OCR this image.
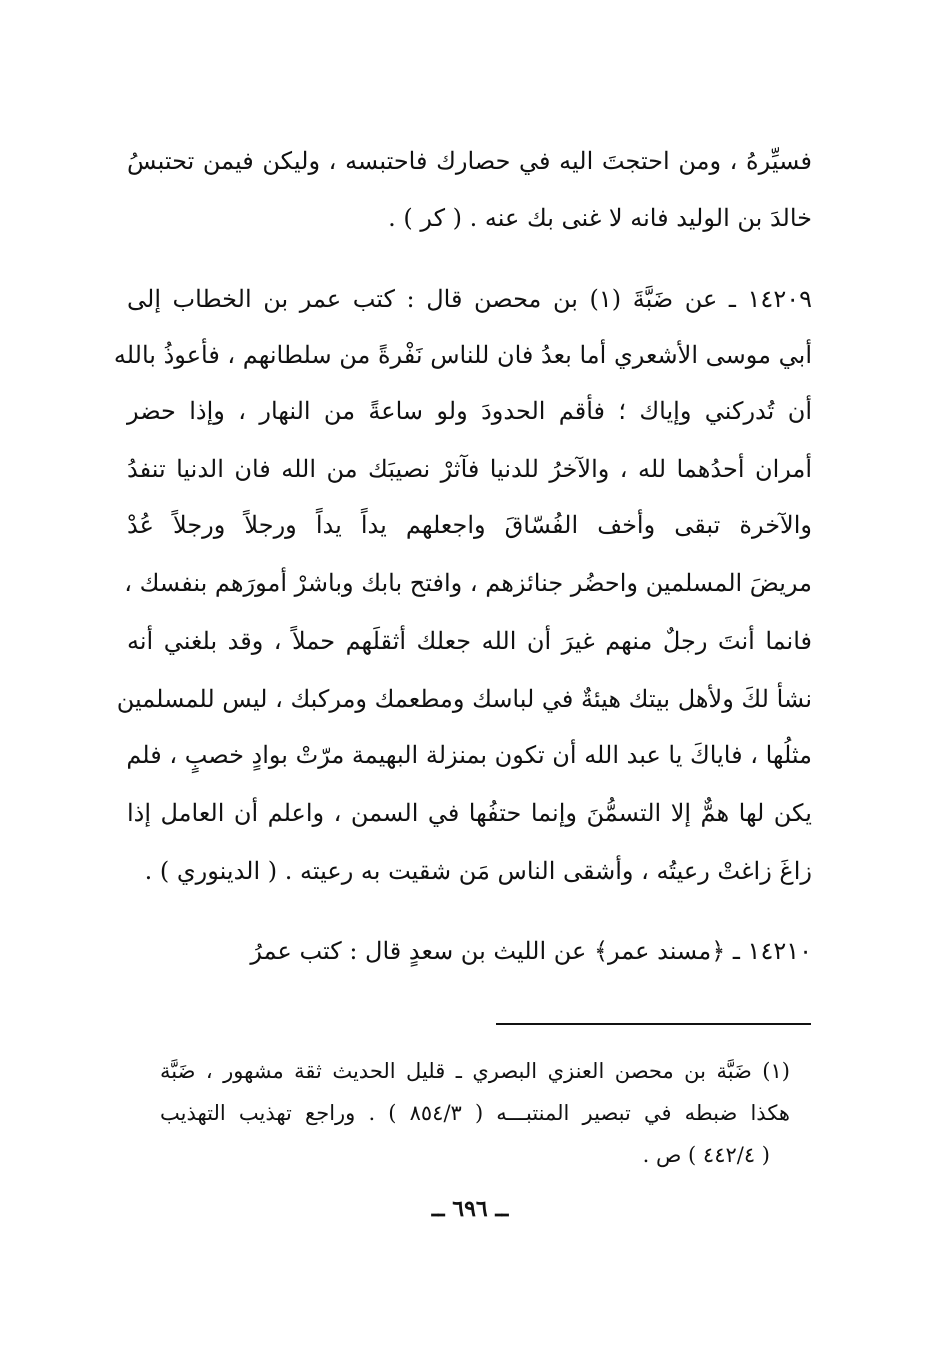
فسيِّرهُ ، ومن احتجتَ اليه في حصارك فاحتبسه ، وليكن فيمن تحتبسُ
خالدَ بن الوليد فانه لا غنى بك عنه . ( كر ) .
١٤٢٠٩ ـ عن ضَبَّةَ (١) بن محصن قال : كتب عمر بن الخطاب إلى
أبي موسى الأشعري أما بعدُ فان للناس نَفْرةً من سلطانهم ، فأعوذُ بالله
أن تُدركني وإياك ؛ فأقم الحدودَ ولو ساعةً من النهار ، وإذا حضر
أمران أحدُهما لله ، والآخرُ للدنيا فآثرْ نصيبَك من الله فان الدنيا تنفدُ
والآخرة تبقى وأخف الفُسّاقَ واجعلهم يداً يداً ورجلاً ورجلاً عُدْ
مريضَ المسلمين واحضُر جنائزهم ، وافتح بابك وباشرْ أمورَهم بنفسك ،
فانما أنتَ رجلٌ منهم غيرَ أن الله جعلك أثقلَهم حملاً ، وقد بلغني أنه
نشأ لكَ ولأهل بيتك هيئةٌ في لباسك ومطعمك ومركبك ، ليس للمسلمين
مثلُها ، فاياكَ يا عبد الله أن تكون بمنزلة البهيمة مرّتْ بوادٍ خصبٍ ، فلم
يكن لها همٌّ إلا التسمُّنَ وإنما حتفُها في السمن ، واعلم أن العامل إذا
زاغَ زاغتْ رعيتُه ، وأشقى الناس مَن شقيت به رعيته . ( الدينوري ) .
١٤٢١٠ ـ ﴿مسند عمر﴾ عن الليث بن سعدٍ قال : كتب عمرُ
(١) ضَبَّة بن محصن العنزي البصري ـ قليل الحديث ثقة مشهور ، ضَبَّة
هكذا ضبطه في تبصير المنتبـــه ( ٨٥٤/٣ ) . وراجع تهذيب التهذيب
( ٤٤٢/٤ ) ص .
ــ ٦٩٦ ــ
